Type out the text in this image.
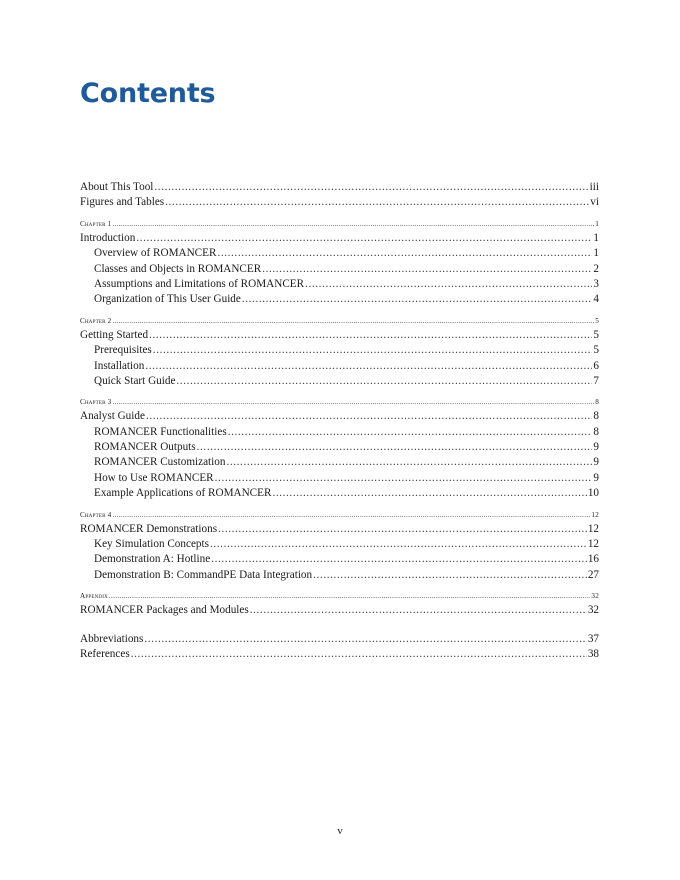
Contents
About This Tool .....	iii
Figures and Tables .....	vi
Chapter 1 .....	1
Introduction .....	1
Overview of ROMANCER .....	1
Classes and Objects in ROMANCER .....	2
Assumptions and Limitations of ROMANCER .....	3
Organization of This User Guide .....	4
Chapter 2 .....	5
Getting Started .....	5
Prerequisites .....	5
Installation .....	6
Quick Start Guide .....	7
Chapter 3 .....	8
Analyst Guide .....	8
ROMANCER Functionalities .....	8
ROMANCER Outputs .....	9
ROMANCER Customization .....	9
How to Use ROMANCER .....	9
Example Applications of ROMANCER .....	10
Chapter 4 .....	12
ROMANCER Demonstrations .....	12
Key Simulation Concepts .....	12
Demonstration A: Hotline .....	16
Demonstration B: CommandPE Data Integration .....	27
Appendix .....	32
ROMANCER Packages and Modules .....	32
Abbreviations .....	37
References .....	38
v
